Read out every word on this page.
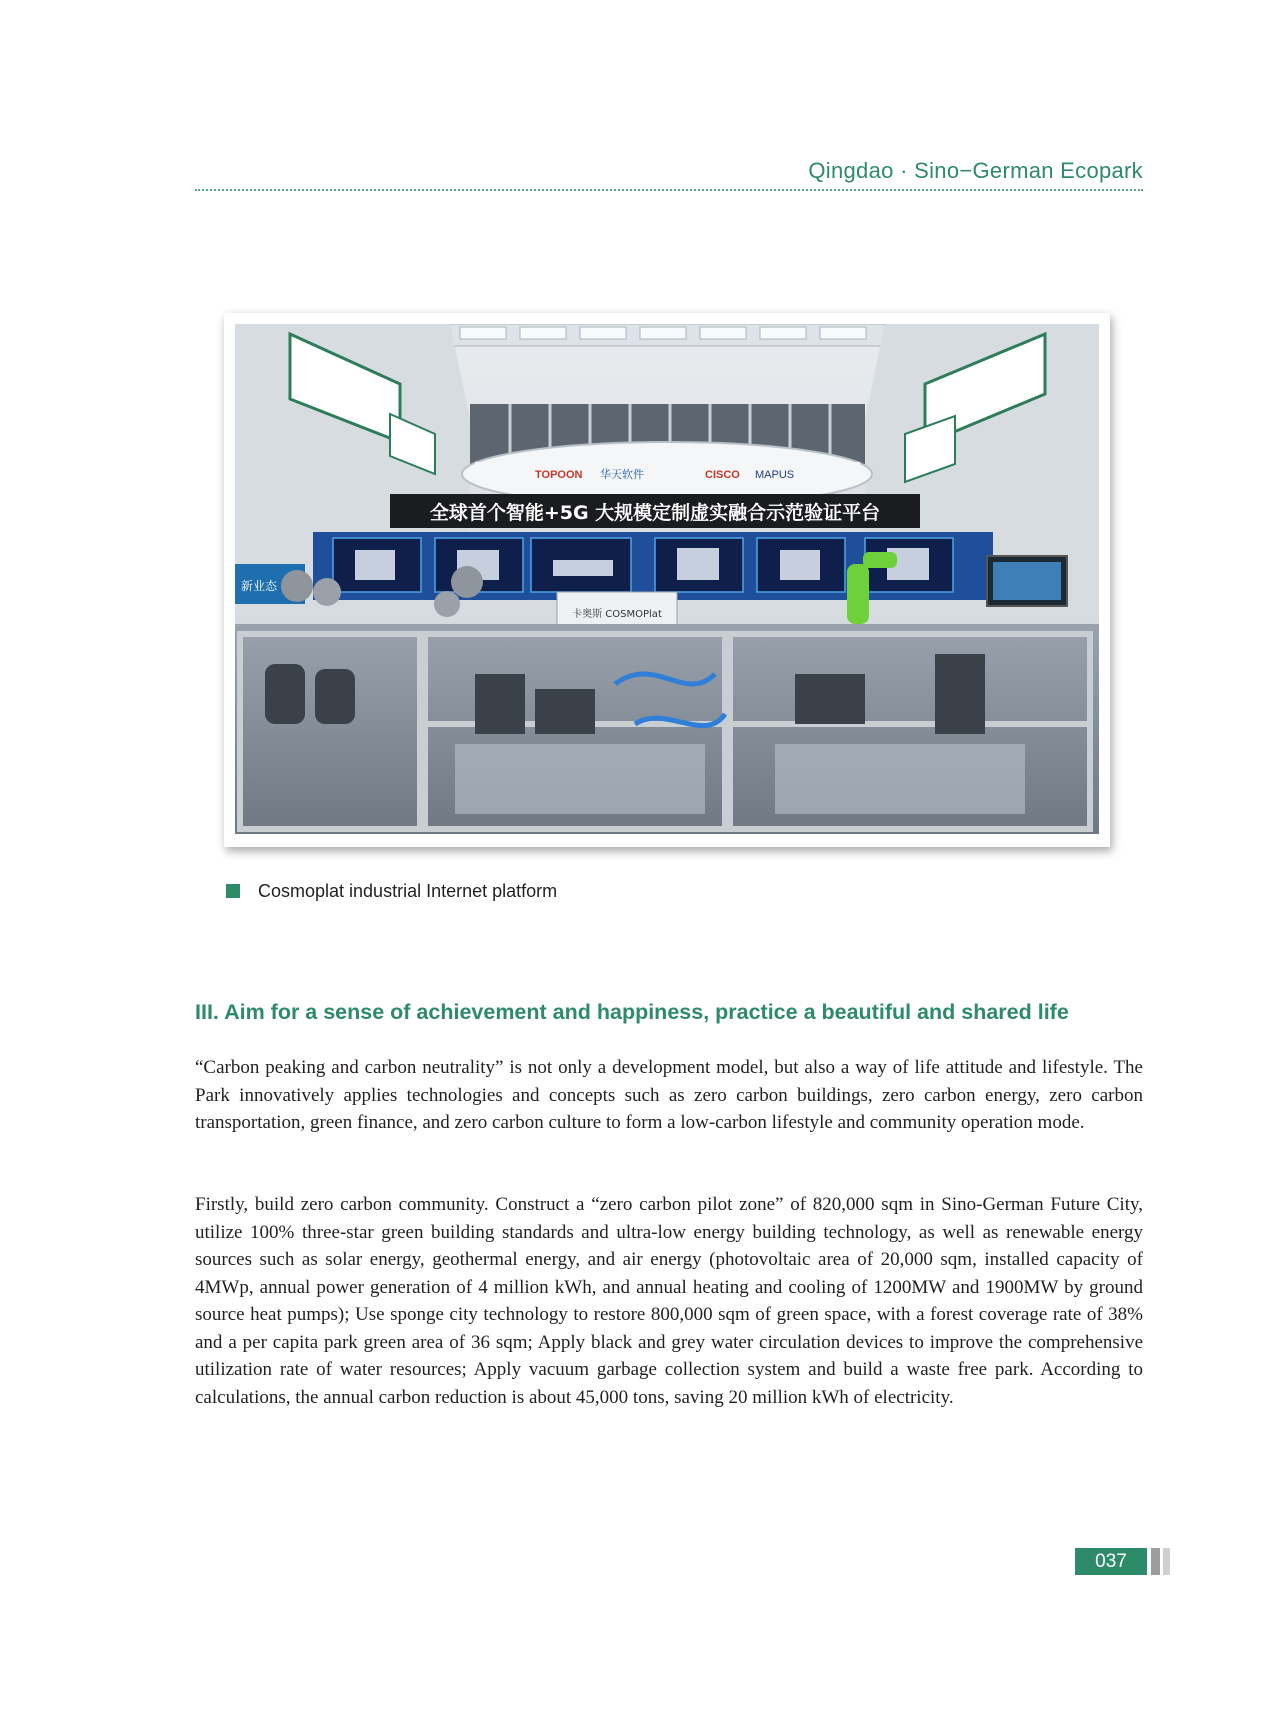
Qingdao · Sino−German Ecopark
TOPOON 华天软件	CISCO MAPUS
全球首个智能+5G 大规模定制虚实融合示范验证平台
新业态
卡奥斯 COSMOPlat
Cosmoplat industrial Internet platform
III. Aim for a sense of achievement and happiness, practice a beautiful and shared life

“Carbon peaking and carbon neutrality” is not only a development model, but also a way of life attitude and lifestyle. The Park innovatively applies technologies and concepts such as zero carbon buildings, zero carbon energy, zero carbon transportation, green finance, and zero carbon culture to form a low-carbon lifestyle and community operation mode.

Firstly, build zero carbon community. Construct a “zero carbon pilot zone” of 820,000 sqm in Sino-German Future City, utilize 100% three-star green building standards and ultra-low energy building technology, as well as renewable energy sources such as solar energy, geothermal energy, and air energy (photovoltaic area of 20,000 sqm, installed capacity of 4MWp, annual power generation of 4 million kWh, and annual heating and cooling of 1200MW and 1900MW by ground source heat pumps); Use sponge city technology to restore 800,000 sqm of green space, with a forest coverage rate of 38% and a per capita park green area of 36 sqm; Apply black and grey water circulation devices to improve the comprehensive utilization rate of water resources; Apply vacuum garbage collection system and build a waste free park. According to calculations, the annual carbon reduction is about 45,000 tons, saving 20 million kWh of electricity.

037
